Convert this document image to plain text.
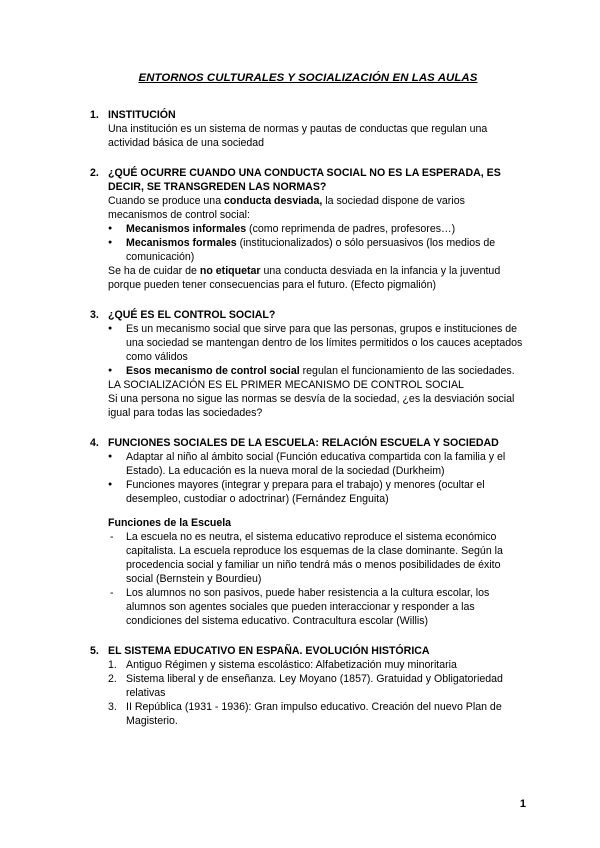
ENTORNOS CULTURALES Y SOCIALIZACIÓN EN LAS AULAS
1. INSTITUCIÓN

Una institución es un sistema de normas y pautas de conductas que regulan una actividad básica de una sociedad

2. ¿QUÉ OCURRE CUANDO UNA CONDUCTA SOCIAL NO ES LA ESPERADA, ES DECIR, SE TRANSGREDEN LAS NORMAS?

Cuando se produce una conducta desviada, la sociedad dispone de varios mecanismos de control social:

● Mecanismos informales (como reprimenda de padres, profesores…)
● Mecanismos formales (institucionalizados) o sólo persuasivos (los medios de comunicación)

Se ha de cuidar de no etiquetar una conducta desviada en la infancia y la juventud porque pueden tener consecuencias para el futuro. (Efecto pigmalión)

3. ¿QUÉ ES EL CONTROL SOCIAL?
● Es un mecanismo social que sirve para que las personas, grupos e instituciones de una sociedad se mantengan dentro de los límites permitidos o los cauces aceptados como válidos
● Esos mecanismo de control social regulan el funcionamiento de las sociedades.

LA SOCIALIZACIÓN ES EL PRIMER MECANISMO DE CONTROL SOCIAL

Si una persona no sigue las normas se desvía de la sociedad, ¿es la desviación social igual para todas las sociedades?

4. FUNCIONES SOCIALES DE LA ESCUELA: RELACIÓN ESCUELA Y SOCIEDAD
● Adaptar al niño al ámbito social (Función educativa compartida con la familia y el Estado). La educación es la nueva moral de la sociedad (Durkheim)
● Funciones mayores (integrar y prepara para el trabajo) y menores (ocultar el desempleo, custodiar o adoctrinar) (Fernández Enguita)
Funciones de la Escuela
- La escuela no es neutra, el sistema educativo reproduce el sistema económico capitalista. La escuela reproduce los esquemas de la clase dominante. Según la procedencia social y familiar un niño tendrá más o menos posibilidades de éxito social (Bernstein y Bourdieu)
- Los alumnos no son pasivos, puede haber resistencia a la cultura escolar, los alumnos son agentes sociales que pueden interaccionar y responder a las condiciones del sistema educativo. Contracultura escolar (Willis)
5. EL SISTEMA EDUCATIVO EN ESPAÑA. EVOLUCIÓN HISTÓRICA
1. Antiguo Régimen y sistema escolástico: Alfabetización muy minoritaria
2. Sistema liberal y de enseñanza. Ley Moyano (1857). Gratuidad y Obligatoriedad relativas
3. II República (1931 - 1936): Gran impulso educativo. Creación del nuevo Plan de Magisterio.
1
